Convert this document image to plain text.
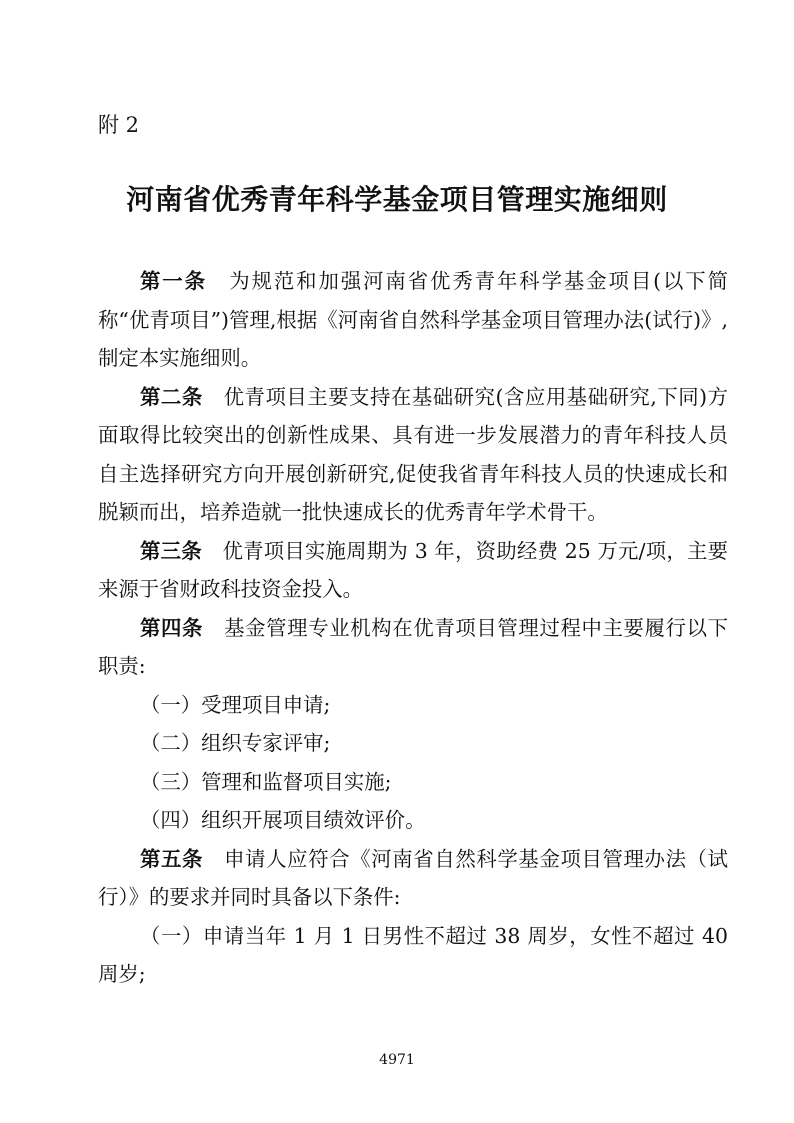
附 2
河南省优秀青年科学基金项目管理实施细则

第一条  为规范和加强河南省优秀青年科学基金项目(以下简称“优青项目”)管理,根据《河南省自然科学基金项目管理办法(试行)》,制定本实施细则。

第二条  优青项目主要支持在基础研究(含应用基础研究,下同)方面取得比较突出的创新性成果、具有进一步发展潜力的青年科技人员自主选择研究方向开展创新研究,促使我省青年科技人员的快速成长和脱颖而出，培养造就一批快速成长的优秀青年学术骨干。

第三条  优青项目实施周期为 3 年，资助经费 25 万元/项，主要来源于省财政科技资金投入。

第四条  基金管理专业机构在优青项目管理过程中主要履行以下职责:

（一）受理项目申请;

（二）组织专家评审;

（三）管理和监督项目实施;

（四）组织开展项目绩效评价。

第五条  申请人应符合《河南省自然科学基金项目管理办法（试行）》的要求并同时具备以下条件:

（一）申请当年 1 月 1 日男性不超过 38 周岁，女性不超过 40 周岁;

4971
